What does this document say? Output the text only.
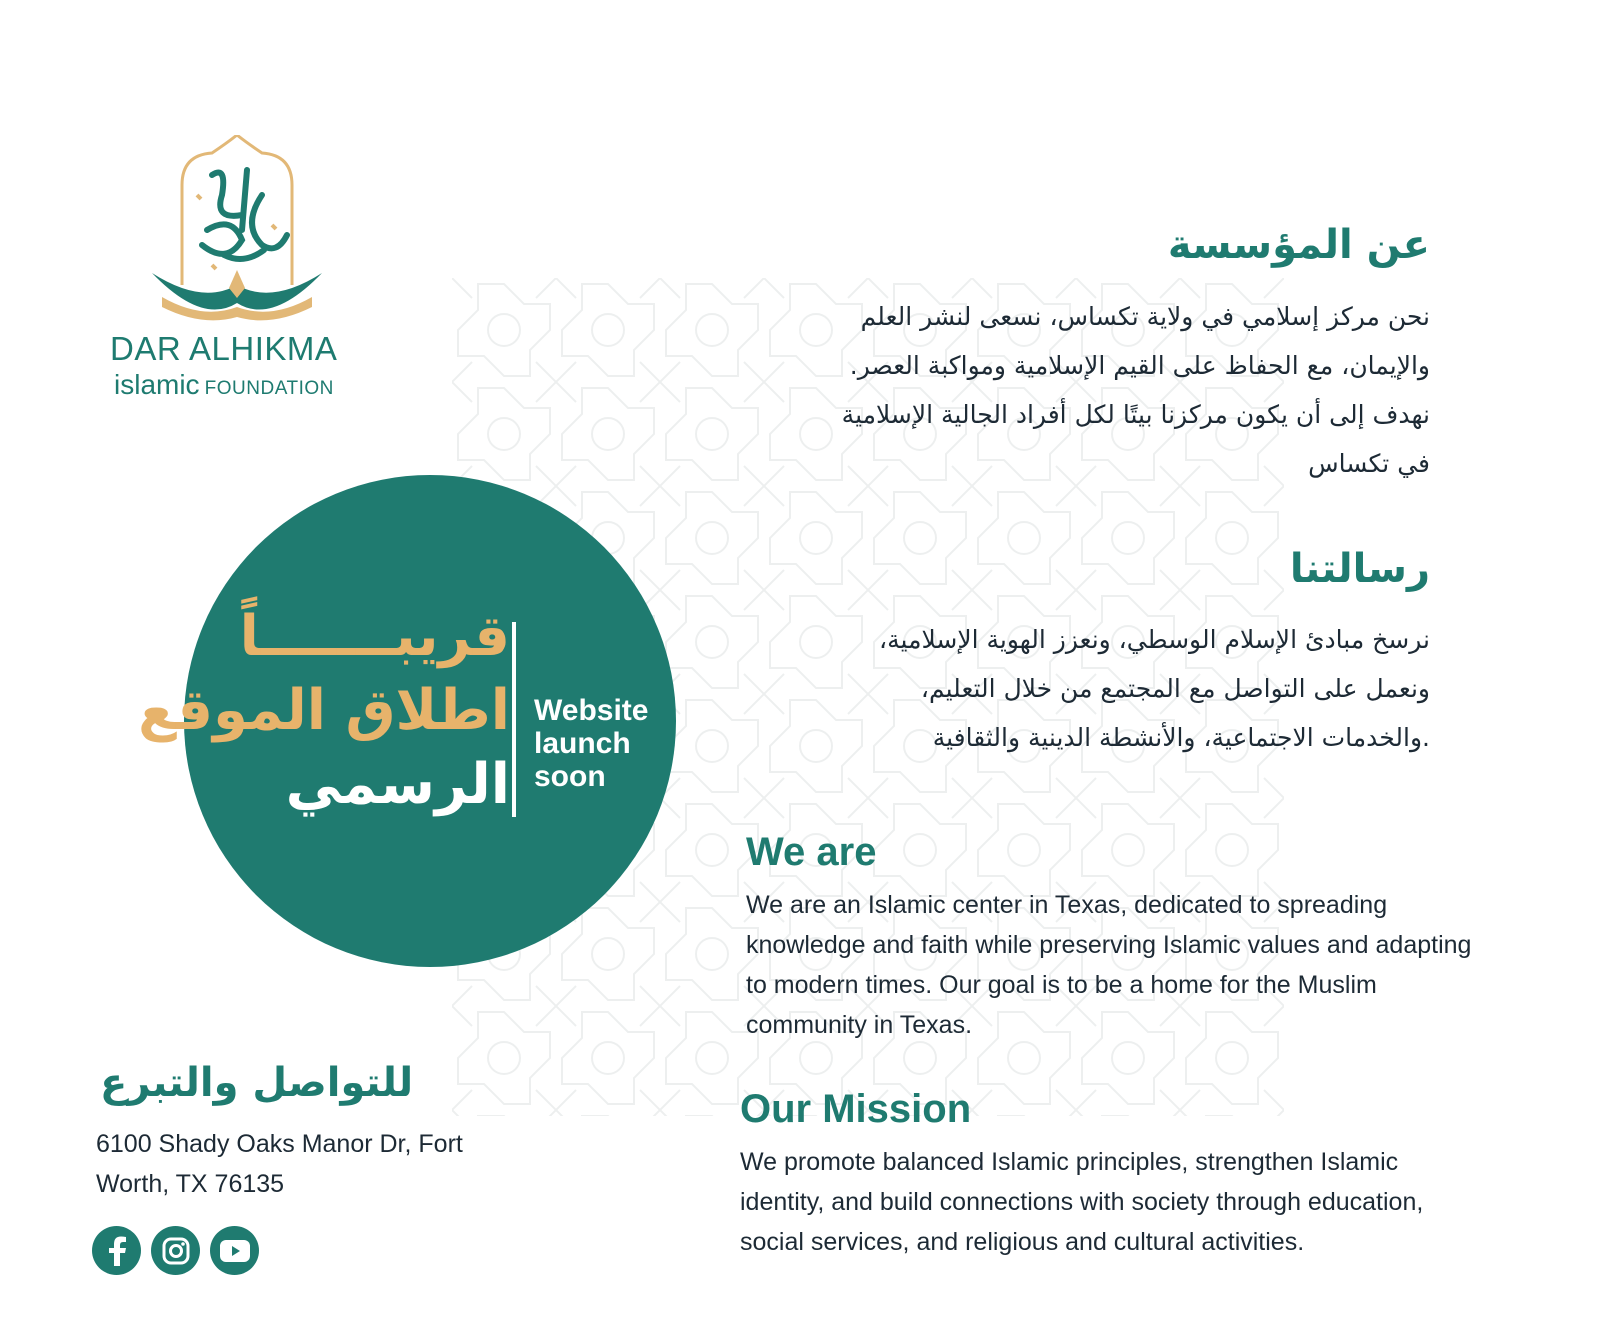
DAR ALHIKMA
islamic FOUNDATION
قريبـــــــاً
اطلاق الموقع
الرسمي
Website
launch
soon
عن المؤسسة
نحن مركز إسلامي في ولاية تكساس، نسعى لنشر العلم
والإيمان، مع الحفاظ على القيم الإسلامية ومواكبة العصر.
نهدف إلى أن يكون مركزنا بيتًا لكل أفراد الجالية الإسلامية
في تكساس
رسالتنا
نرسخ مبادئ الإسلام الوسطي، ونعزز الهوية الإسلامية،
ونعمل على التواصل مع المجتمع من خلال التعليم،
.والخدمات الاجتماعية، والأنشطة الدينية والثقافية
We are
We are an Islamic center in Texas, dedicated to spreading knowledge and faith while preserving Islamic values and adapting to modern times. Our goal is to be a home for the Muslim community in Texas.
Our Mission
We promote balanced Islamic principles, strengthen Islamic identity, and build connections with society through education, social services, and religious and cultural activities.
للتواصل والتبرع
6100 Shady Oaks Manor Dr, Fort Worth, TX 76135
